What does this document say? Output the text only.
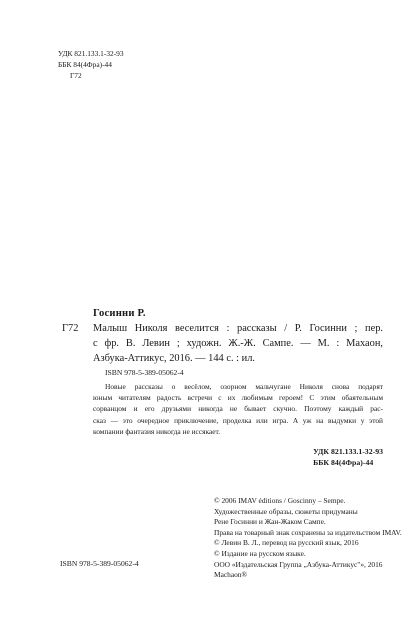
УДК 821.133.1-32-93
ББК 84(4Фра)-44
Г72
Госинни Р.
Г72 Малыш Николя веселится : рассказы / Р. Госинни ; пер.
с фр. В. Левин ; художн. Ж.-Ж. Сампе. — М. : Махаон,
Азбука-Аттикус, 2016. — 144 с. : ил.
ISBN 978-5-389-05062-4
Новые рассказы о весёлом, озорном мальчугане Николя снова подарят
юным читателям радость встречи с их любимым героем! С этим обаятельным
сорванцом и его друзьями никогда не бывает скучно. Поэтому каждый рас-
сказ — это очередное приключение, проделка или игра. А уж на выдумки у этой
компании фантазия никогда не иссякает.
УДК 821.133.1-32-93
ББК 84(4Фра)-44
© 2006 IMAV éditions / Goscinny – Sempe.
Художественные образы, сюжеты придуманы
Рене Госинни и Жан-Жаком Сампе.
Права на товарный знак сохранены за издательством IMAV.
© Левин В. Л., перевод на русский язык, 2016
© Издание на русском языке.
ООО «Издательская Группа „Азбука-Аттикус"», 2016
Machaon®
ISBN 978-5-389-05062-4
